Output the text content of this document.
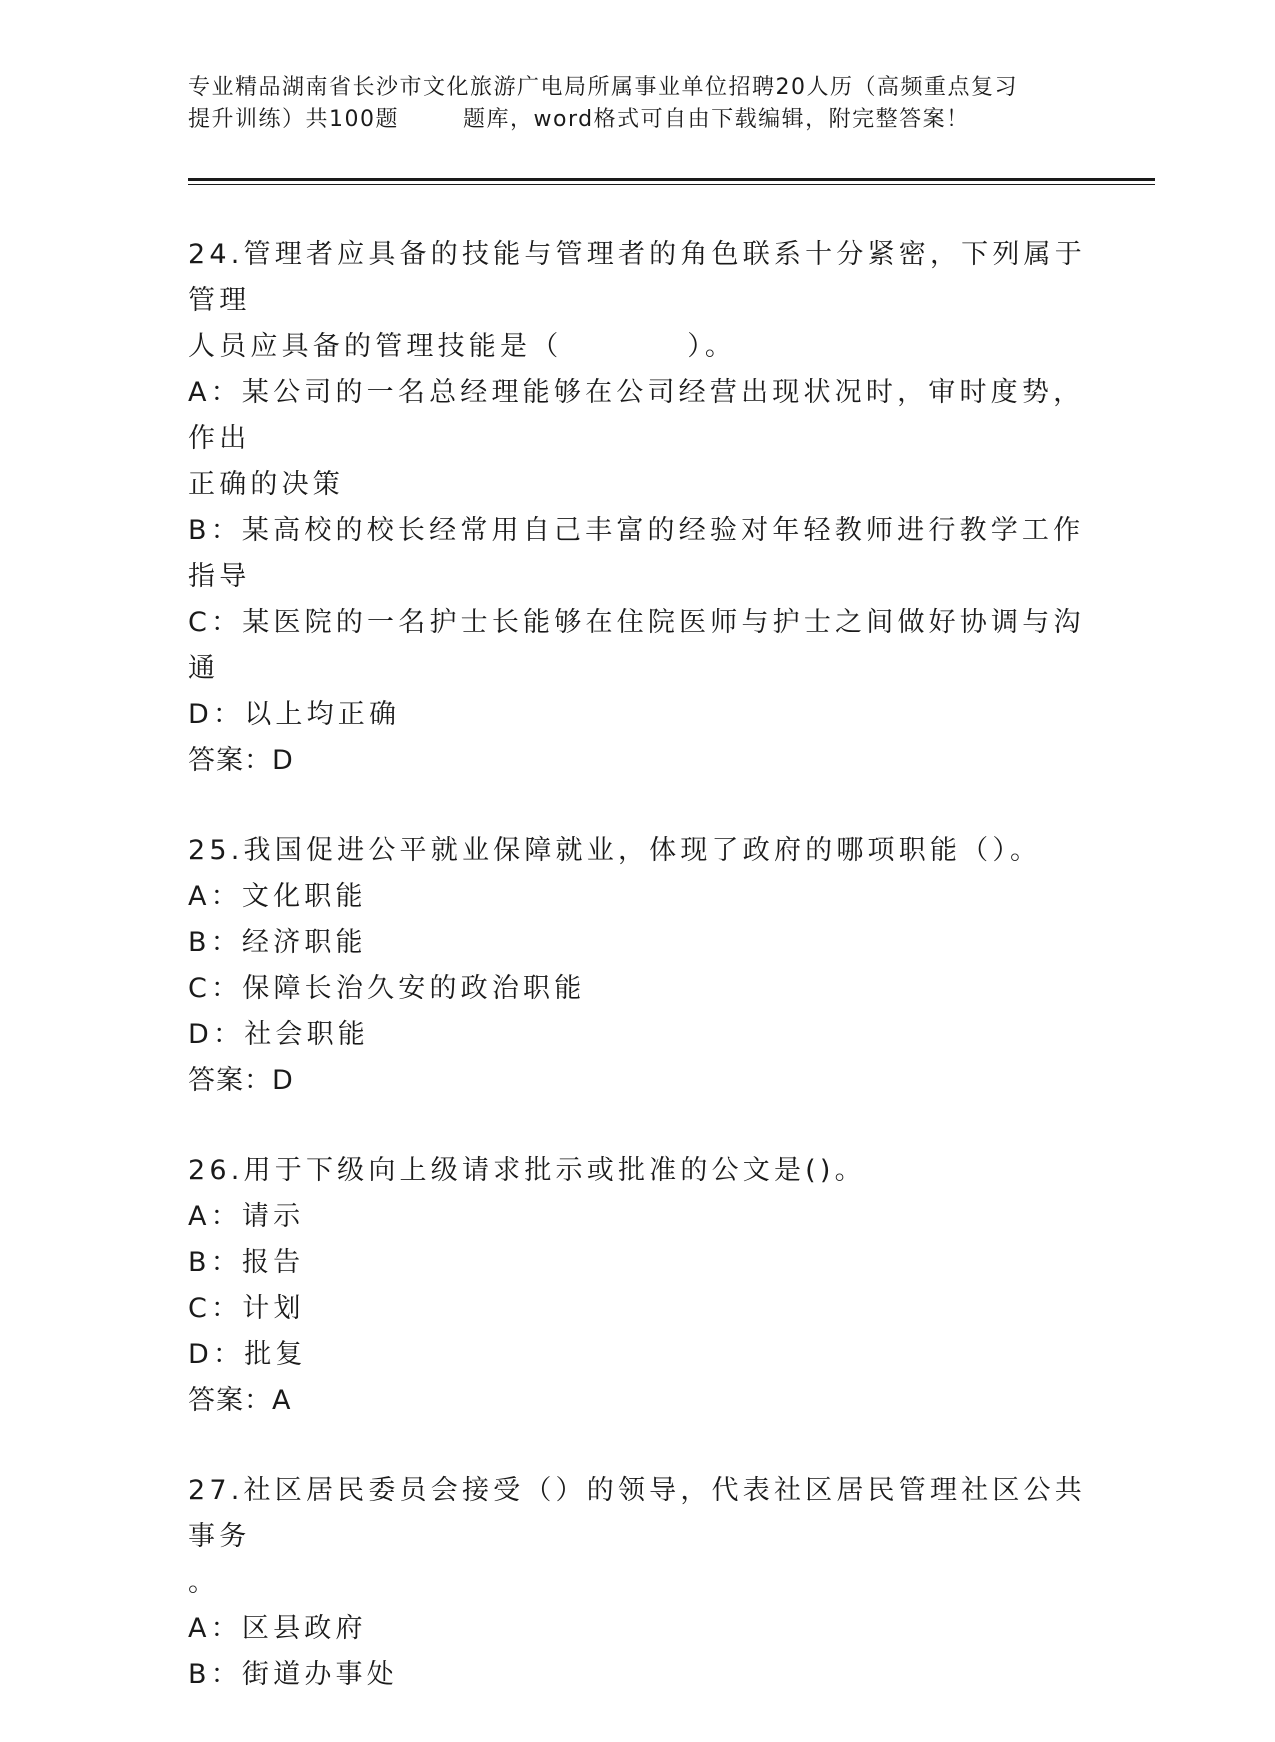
专业精品湖南省长沙市文化旅游广电局所属事业单位招聘20人历（高频重点复习
提升训练）共100题	题库，word格式可自由下载编辑，附完整答案！
24.管理者应具备的技能与管理者的角色联系十分紧密，下列属于管理
人员应具备的管理技能是（　　　　）。
A：某公司的一名总经理能够在公司经营出现状况时，审时度势，作出
正确的决策
B：某高校的校长经常用自己丰富的经验对年轻教师进行教学工作指导
C：某医院的一名护士长能够在住院医师与护士之间做好协调与沟通
D：以上均正确
答案：D
25.我国促进公平就业保障就业，体现了政府的哪项职能（）。
A：文化职能
B：经济职能
C：保障长治久安的政治职能
D：社会职能
答案：D
26.用于下级向上级请求批示或批准的公文是()。
A：请示
B：报告
C：计划
D：批复
答案：A
27.社区居民委员会接受（）的领导，代表社区居民管理社区公共事务
。
A：区县政府
B：街道办事处
